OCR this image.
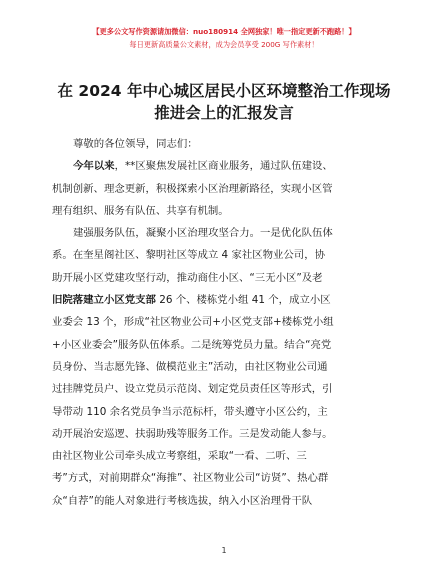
【更多公文写作资源请加微信：nuo180914 全网独家！唯一指定更新不跑路！】
每日更新高质量公文素材，成为会员享受 200G 写作素材！
在 2024 年中心城区居民小区环境整治工作现场
推进会上的汇报发言

尊敬的各位领导，同志们：

今年以来，**区聚焦发展社区商业服务，通过队伍建设、

机制创新、理念更新，积极探索小区治理新路径，实现小区管

理有组织、服务有队伍、共享有机制。

建强服务队伍，凝聚小区治理攻坚合力。一是优化队伍体

系。在奎星阁社区、黎明社区等成立 4 家社区物业公司，协

助开展小区党建攻坚行动，推动商住小区、“三无小区”及老

旧院落建立小区党支部 26 个、楼栋党小组 41 个，成立小区

业委会 13 个，形成“社区物业公司+小区党支部+楼栋党小组

+小区业委会”服务队伍体系。二是统筹党员力量。结合“亮党

员身份、当志愿先锋、做模范业主”活动，由社区物业公司通

过挂牌党员户、设立党员示范岗、划定党员责任区等形式，引

导带动 110 余名党员争当示范标杆，带头遵守小区公约，主

动开展治安巡逻、扶弱助残等服务工作。三是发动能人参与。

由社区物业公司牵头成立考察组，采取“一看、二听、三

考”方式，对前期群众“海推”、社区物业公司“访贤”、热心群

众“自荐”的能人对象进行考核选拔，纳入小区治理骨干队

1
